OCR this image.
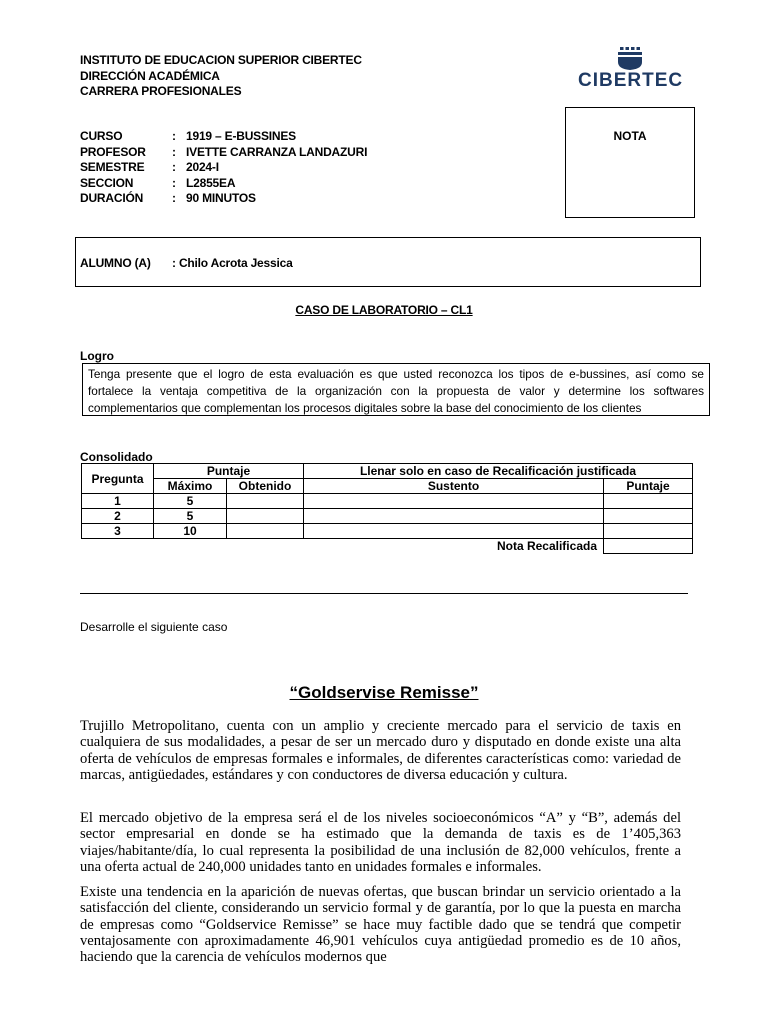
INSTITUTO DE EDUCACION SUPERIOR CIBERTEC
DIRECCIÓN ACADÉMICA
CARRERA PROFESIONALES	CIBERTEC
CURSO	: 1919 – E-BUSSINES
PROFESOR	: IVETTE CARRANZA LANDAZURI
SEMESTRE	: 2024-I
SECCION	: L2855EA
DURACIÓN	: 90 MINUTOS
NOTA
ALUMNO (A) : Chilo Acrota Jessica
CASO DE LABORATORIO – CL1
Logro
Tenga presente que el logro de esta evaluación es que usted reconozca los tipos de e-bussines, así como se fortalece la ventaja competitiva de la organización con la propuesta de valor y determine los softwares complementarios que complementan los procesos digitales sobre la base del conocimiento de los clientes
Consolidado
Pregunta	Puntaje		Llenar solo en caso de Recalificación justificada	
	Máximo	Obtenido	Sustento	Puntaje
1	5			
2	5			
3	10			
			Nota Recalificada	
Desarrolle el siguiente caso
“Goldservise Remisse”
Trujillo Metropolitano, cuenta con un amplio y creciente mercado para el servicio de taxis en cualquiera de sus modalidades, a pesar de ser un mercado duro y disputado en donde existe una alta oferta de vehículos de empresas formales e informales, de diferentes características como: variedad de marcas, antigüedades, estándares y con conductores de diversa educación y cultura.
El mercado objetivo de la empresa será el de los niveles socioeconómicos “A” y “B”, además del sector empresarial en donde se ha estimado que la demanda de taxis es de 1’405,363 viajes/habitante/día, lo cual representa la posibilidad de una inclusión de 82,000 vehículos, frente a una oferta actual de 240,000 unidades tanto en unidades formales e informales.
Existe una tendencia en la aparición de nuevas ofertas, que buscan brindar un servicio orientado a la satisfacción del cliente, considerando un servicio formal y de garantía, por lo que la puesta en marcha de empresas como “Goldservice Remisse” se hace muy factible dado que se tendrá que competir ventajosamente con aproximadamente 46,901 vehículos cuya antigüedad promedio es de 10 años, haciendo que la carencia de vehículos modernos que
